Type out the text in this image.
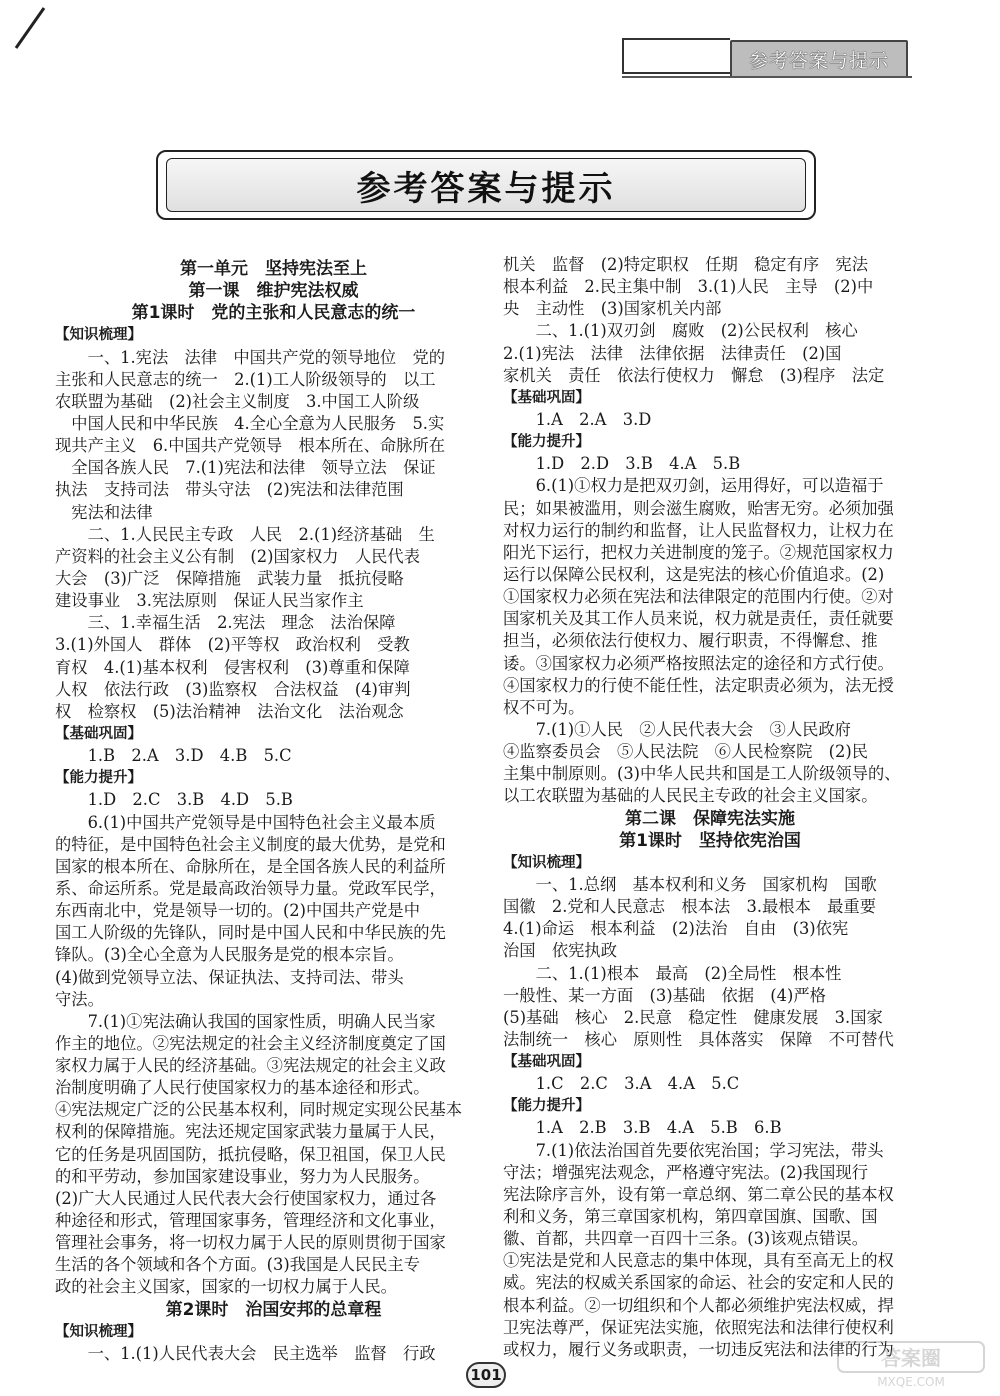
参考答案与提示
参考答案与提示
第一单元　坚持宪法至上
第一课　维护宪法权威
第1课时　党的主张和人民意志的统一
【知识梳理】
　　一、1.宪法　法律　中国共产党的领导地位　党的
主张和人民意志的统一　2.(1)工人阶级领导的　以工
农联盟为基础　(2)社会主义制度　3.中国工人阶级
　中国人民和中华民族　4.全心全意为人民服务　5.实
现共产主义　6.中国共产党领导　根本所在、命脉所在
　全国各族人民　7.(1)宪法和法律　领导立法　保证
执法　支持司法　带头守法　(2)宪法和法律范围
　宪法和法律
　　二、1.人民民主专政　人民　2.(1)经济基础　生
产资料的社会主义公有制　(2)国家权力　人民代表
大会　(3)广泛　保障措施　武装力量　抵抗侵略
建设事业　3.宪法原则　保证人民当家作主
　　三、1.幸福生活　2.宪法　理念　法治保障
3.(1)外国人　群体　(2)平等权　政治权利　受教
育权　4.(1)基本权利　侵害权利　(3)尊重和保障
人权　依法行政　(3)监察权　合法权益　(4)审判
权　检察权　(5)法治精神　法治文化　法治观念
【基础巩固】
　　1.B　2.A　3.D　4.B　5.C
【能力提升】
　　1.D　2.C　3.B　4.D　5.B
　　6.(1)中国共产党领导是中国特色社会主义最本质
的特征，是中国特色社会主义制度的最大优势，是党和
国家的根本所在、命脉所在，是全国各族人民的利益所
系、命运所系。党是最高政治领导力量。党政军民学，
东西南北中，党是领导一切的。(2)中国共产党是中
国工人阶级的先锋队，同时是中国人民和中华民族的先
锋队。(3)全心全意为人民服务是党的根本宗旨。
(4)做到党领导立法、保证执法、支持司法、带头
守法。
　　7.(1)①宪法确认我国的国家性质，明确人民当家
作主的地位。②宪法规定的社会主义经济制度奠定了国
家权力属于人民的经济基础。③宪法规定的社会主义政
治制度明确了人民行使国家权力的基本途径和形式。
④宪法规定广泛的公民基本权利，同时规定实现公民基本
权利的保障措施。宪法还规定国家武装力量属于人民，
它的任务是巩固国防，抵抗侵略，保卫祖国，保卫人民
的和平劳动，参加国家建设事业，努力为人民服务。
(2)广大人民通过人民代表大会行使国家权力，通过各
种途径和形式，管理国家事务，管理经济和文化事业，
管理社会事务，将一切权力属于人民的原则贯彻于国家
生活的各个领域和各个方面。(3)我国是人民民主专
政的社会主义国家，国家的一切权力属于人民。
第2课时　治国安邦的总章程
【知识梳理】
　　一、1.(1)人民代表大会　民主选举　监督　行政
机关　监督　(2)特定职权　任期　稳定有序　宪法
根本利益　2.民主集中制　3.(1)人民　主导　(2)中
央　主动性　(3)国家机关内部
　　二、1.(1)双刃剑　腐败　(2)公民权利　核心
2.(1)宪法　法律　法律依据　法律责任　(2)国
家机关　责任　依法行使权力　懈怠　(3)程序　法定
【基础巩固】
　　1.A　2.A　3.D
【能力提升】
　　1.D　2.D　3.B　4.A　5.B
　　6.(1)①权力是把双刃剑，运用得好，可以造福于
民；如果被滥用，则会滋生腐败，贻害无穷。必须加强
对权力运行的制约和监督，让人民监督权力，让权力在
阳光下运行，把权力关进制度的笼子。②规范国家权力
运行以保障公民权利，这是宪法的核心价值追求。(2)
①国家权力必须在宪法和法律限定的范围内行使。②对
国家机关及其工作人员来说，权力就是责任，责任就要
担当，必须依法行使权力、履行职责，不得懈怠、推
诿。③国家权力必须严格按照法定的途径和方式行使。
④国家权力的行使不能任性，法定职责必须为，法无授
权不可为。
　　7.(1)①人民　②人民代表大会　③人民政府
④监察委员会　⑤人民法院　⑥人民检察院　(2)民
主集中制原则。(3)中华人民共和国是工人阶级领导的、
以工农联盟为基础的人民民主专政的社会主义国家。
第二课　保障宪法实施
第1课时　坚持依宪治国
【知识梳理】
　　一、1.总纲　基本权利和义务　国家机构　国歌
国徽　2.党和人民意志　根本法　3.最根本　最重要
4.(1)命运　根本利益　(2)法治　自由　(3)依宪
治国　依宪执政
　　二、1.(1)根本　最高　(2)全局性　根本性
一般性、某一方面　(3)基础　依据　(4)严格
(5)基础　核心　2.民意　稳定性　健康发展　3.国家
法制统一　核心　原则性　具体落实　保障　不可替代
【基础巩固】
　　1.C　2.C　3.A　4.A　5.C
【能力提升】
　　1.A　2.B　3.B　4.A　5.B　6.B
　　7.(1)依法治国首先要依宪治国；学习宪法，带头
守法；增强宪法观念，严格遵守宪法。(2)我国现行
宪法除序言外，设有第一章总纲、第二章公民的基本权
利和义务，第三章国家机构，第四章国旗、国歌、国
徽、首都，共四章一百四十三条。(3)该观点错误。
①宪法是党和人民意志的集中体现，具有至高无上的权
威。宪法的权威关系国家的命运、社会的安定和人民的
根本利益。②一切组织和个人都必须维护宪法权威，捍
卫宪法尊严，保证宪法实施，依照宪法和法律行使权利
或权力，履行义务或职责，一切违反宪法和法律的行为
101
答案圈
MXQE.COM
